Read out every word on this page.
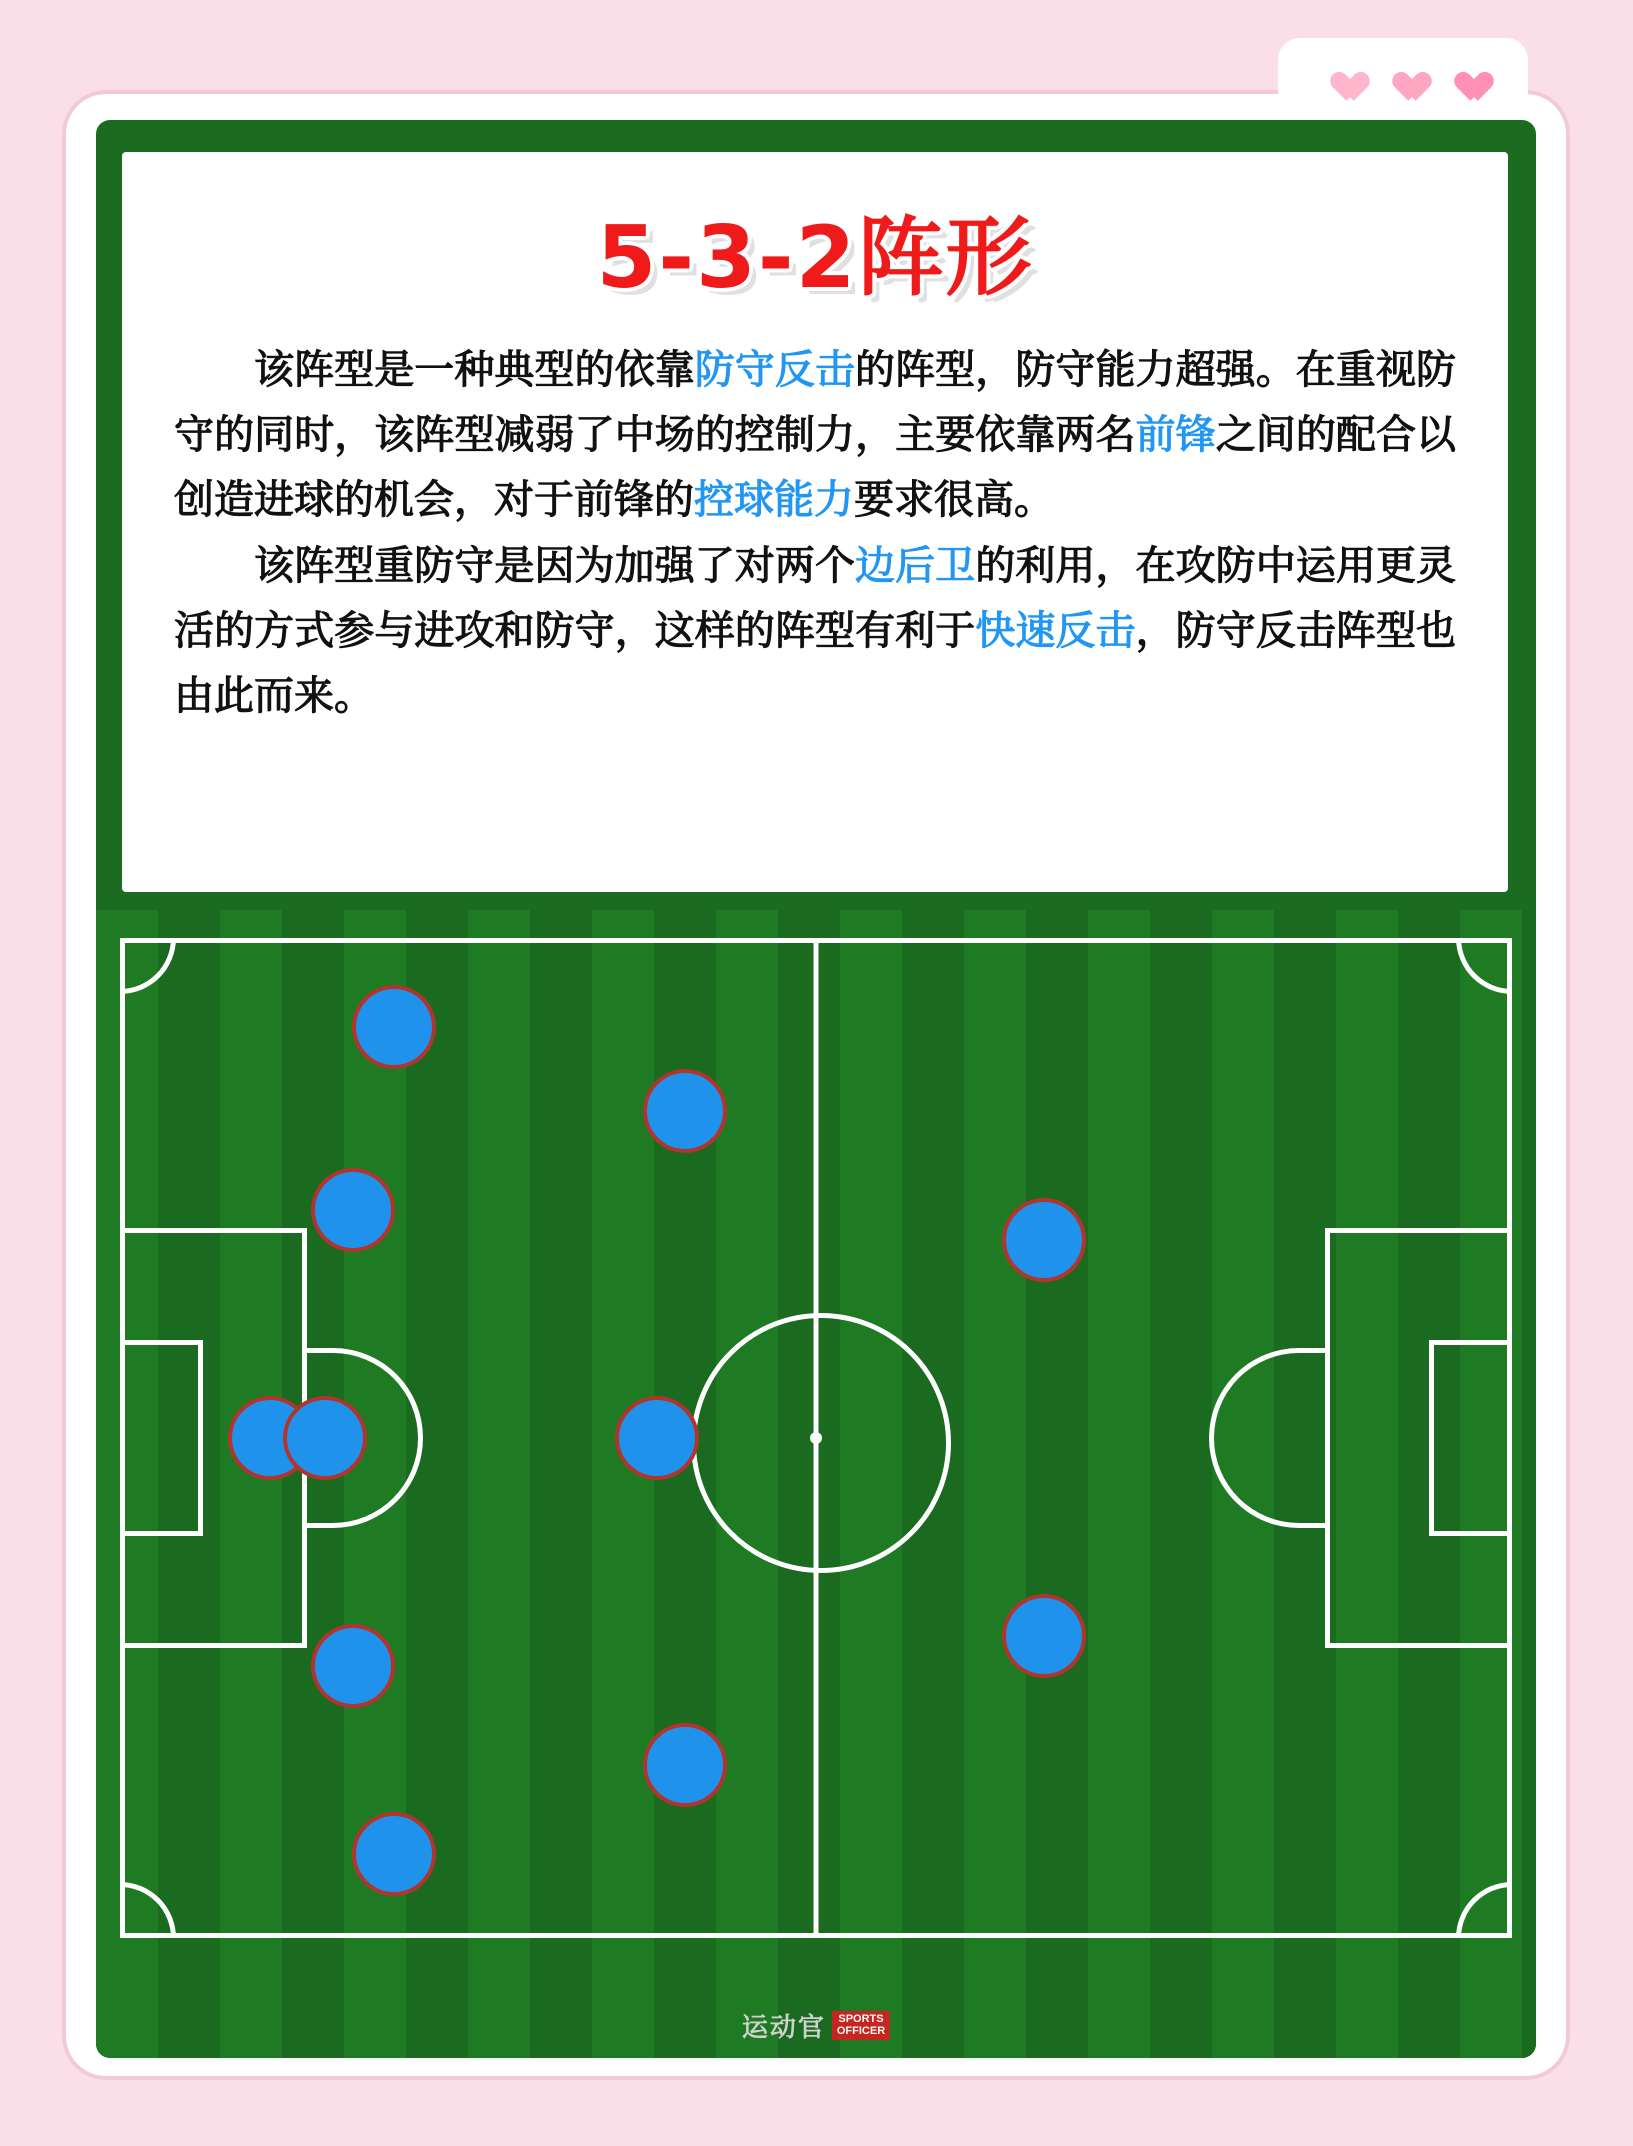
5-3-2阵形

该阵型是一种典型的依靠防守反击的阵型，防守能力超强。在重视防守的同时，该阵型减弱了中场的控制力，主要依靠两名前锋之间的配合以创造进球的机会，对于前锋的控球能力要求很高。

该阵型重防守是因为加强了对两个边后卫的利用，在攻防中运用更灵活的方式参与进攻和防守，这样的阵型有利于快速反击，防守反击阵型也由此而来。

运动官	SPORTS
OFFICER
